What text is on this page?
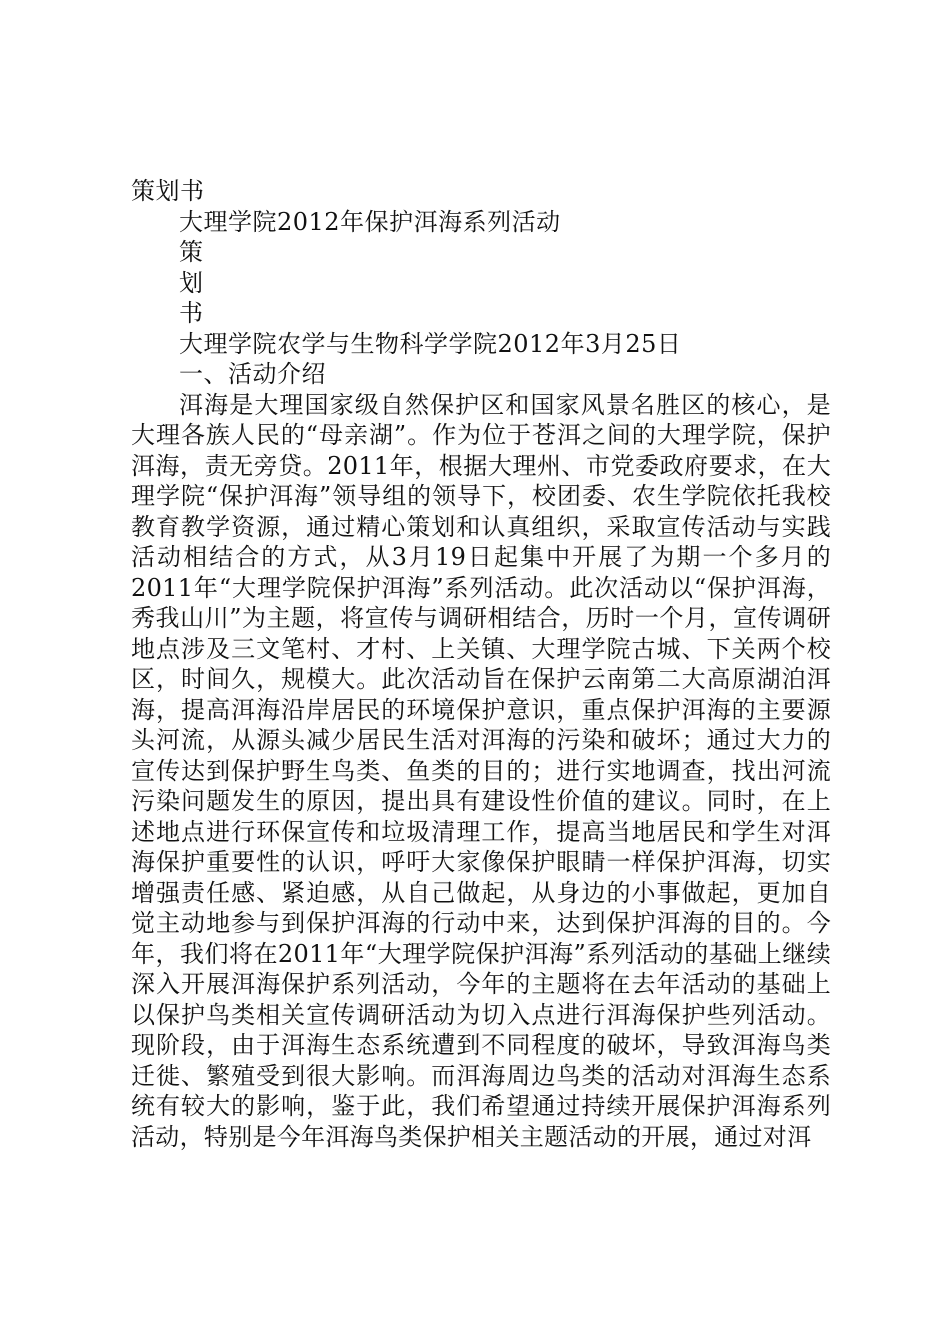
策划书
大理学院2012年保护洱海系列活动
策
划
书
大理学院农学与生物科学学院2012年3月25日
一、活动介绍

洱海是大理国家级自然保护区和国家风景名胜区的核心，是大理各族人民的“母亲湖”。作为位于苍洱之间的大理学院，保护洱海，责无旁贷。2011年，根据大理州、市党委政府要求，在大理学院“保护洱海”领导组的领导下，校团委、农生学院依托我校教育教学资源，通过精心策划和认真组织，采取宣传活动与实践活动相结合的方式，从3月19日起集中开展了为期一个多月的2011年“大理学院保护洱海”系列活动。此次活动以“保护洱海，秀我山川”为主题，将宣传与调研相结合，历时一个月，宣传调研地点涉及三文笔村、才村、上关镇、大理学院古城、下关两个校区，时间久，规模大。此次活动旨在保护云南第二大高原湖泊洱海，提高洱海沿岸居民的环境保护意识，重点保护洱海的主要源头河流，从源头减少居民生活对洱海的污染和破坏；通过大力的宣传达到保护野生鸟类、鱼类的目的；进行实地调查，找出河流污染问题发生的原因，提出具有建设性价值的建议。同时，在上述地点进行环保宣传和垃圾清理工作，提高当地居民和学生对洱海保护重要性的认识，呼吁大家像保护眼睛一样保护洱海，切实增强责任感、紧迫感，从自己做起，从身边的小事做起，更加自觉主动地参与到保护洱海的行动中来，达到保护洱海的目的。今年，我们将在2011年“大理学院保护洱海”系列活动的基础上继续深入开展洱海保护系列活动，今年的主题将在去年活动的基础上以保护鸟类相关宣传调研活动为切入点进行洱海保护些列活动。现阶段，由于洱海生态系统遭到不同程度的破坏，导致洱海鸟类迁徙、繁殖受到很大影响。而洱海周边鸟类的活动对洱海生态系统有较大的影响，鉴于此，我们希望通过持续开展保护洱海系列活动，特别是今年洱海鸟类保护相关主题活动的开展，通过对洱
